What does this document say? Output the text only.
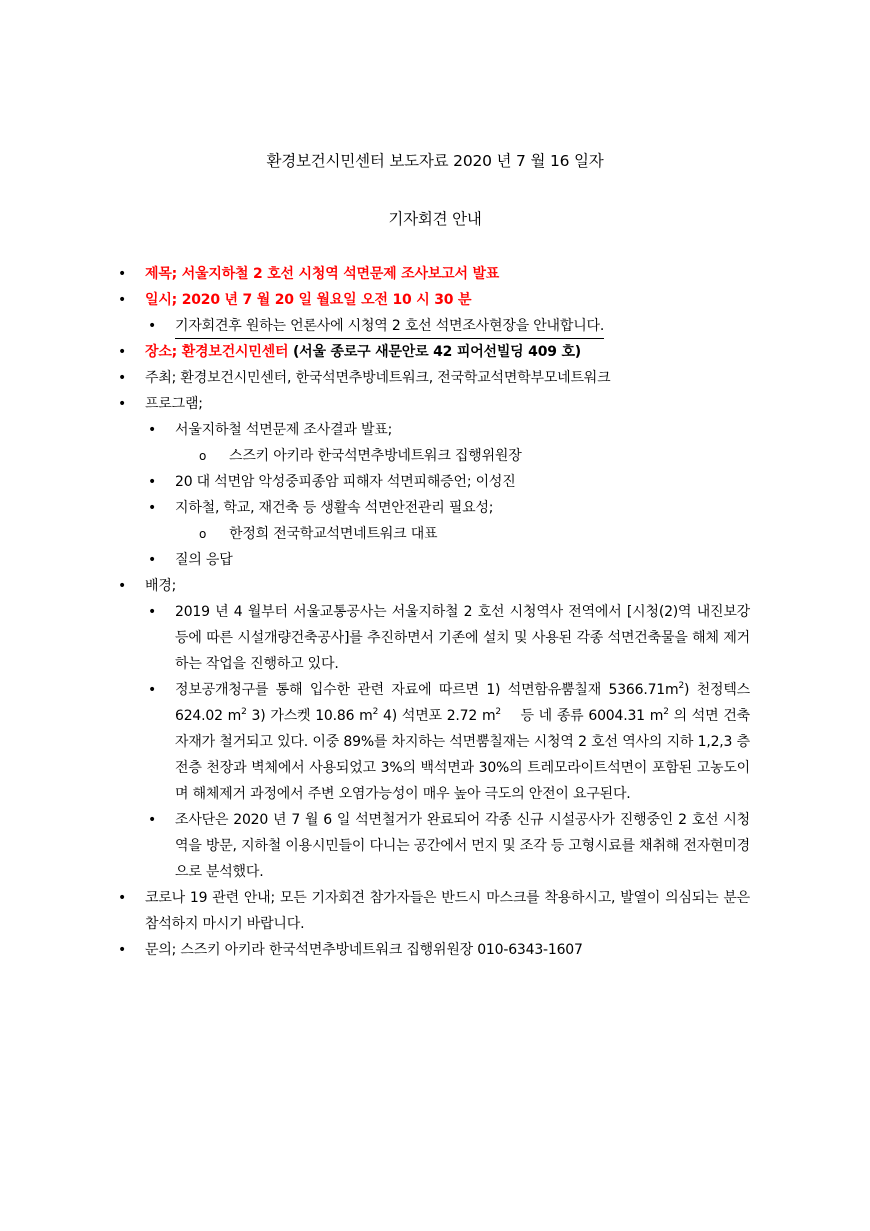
환경보건시민센터 보도자료 2020 년 7 월 16 일자
기자회견 안내
• 제목; 서울지하철 2 호선 시청역 석면문제 조사보고서 발표
• 일시; 2020 년 7 월 20 일 월요일 오전 10 시 30 분
• 기자회견후 원하는 언론사에 시청역 2 호선 석면조사현장을 안내합니다.
• 장소; 환경보건시민센터 (서울 종로구 새문안로 42 피어선빌딩 409 호)
• 주최; 환경보건시민센터, 한국석면추방네트워크, 전국학교석면학부모네트워크
• 프로그램;
• 서울지하철 석면문제 조사결과 발표;
o 스즈키 아키라 한국석면추방네트워크 집행위원장
• 20 대 석면암 악성중피종암 피해자 석면피해증언; 이성진
• 지하철, 학교, 재건축 등 생활속 석면안전관리 필요성;
o 한정희 전국학교석면네트워크 대표
• 질의 응답
• 배경;
• 2019 년 4 월부터 서울교통공사는 서울지하철 2 호선 시청역사 전역에서 [시청(2)역 내진보강 등에 따른 시설개량건축공사]를 추진하면서 기존에 설치 및 사용된 각종 석면건축물을 해체 제거하는 작업을 진행하고 있다.
• 정보공개청구를 통해 입수한 관련 자료에 따르면 1) 석면함유뿜칠재 $5366.71m^2$) 천정텍스 624.02 $m^2$ 3) 가스켓 10.86 $m^2$ 4) 석면포 2.72 $m^2$    등 네 종류 6004.31 $m^2$ 의 석면 건축 자재가 철거되고 있다. 이중 89%를 차지하는 석면뿜칠재는 시청역 2 호선 역사의 지하 1,2,3 층 전층 천장과 벽체에서 사용되었고 3%의 백석면과 30%의 트레모라이트석면이 포함된 고농도이며 해체제거 과정에서 주변 오염가능성이 매우 높아 극도의 안전이 요구된다.
• 조사단은 2020 년 7 월 6 일 석면철거가 완료되어 각종 신규 시설공사가 진행중인 2 호선 시청역을 방문, 지하철 이용시민들이 다니는 공간에서 먼지 및 조각 등 고형시료를 채취해 전자현미경으로 분석했다.
• 코로나 19 관련 안내; 모든 기자회견 참가자들은 반드시 마스크를 착용하시고, 발열이 의심되는 분은 참석하지 마시기 바랍니다.
• 문의; 스즈키 아키라 한국석면추방네트워크 집행위원장 010-6343-1607
